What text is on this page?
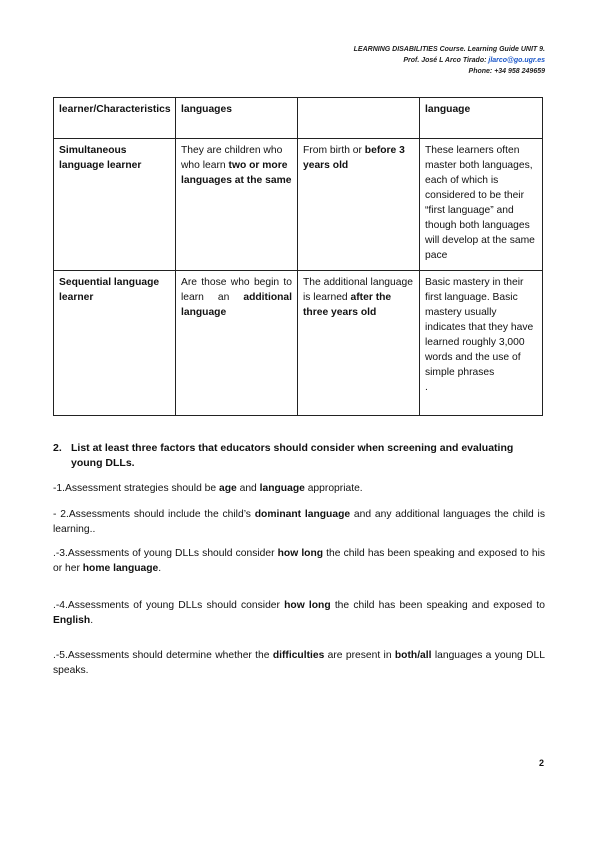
LEARNING DISABILITIES Course. Learning Guide UNIT 9.
Prof. José L Arco Tirado: jlarco@go.ugr.es
Phone: +34 958 249659
learner/Characteristics	languages		language
Simultaneous language learner	They are children who who learn two or more languages at the same	From birth or before 3 years old	These learners often master both languages, each of which is considered to be their “first language” and though both languages will develop at the same pace
Sequential language learner	Are those who begin to learn an additional language	The additional language is learned after the three years old	Basic mastery in their first language. Basic mastery usually indicates that they have learned roughly 3,000 words and the use of simple phrases
.
2. List at least three factors that educators should consider when screening and evaluating young DLLs.
-1.Assessment strategies should be age and language appropriate.
- 2.Assessments should include the child’s dominant language and any additional languages the child is learning..
.-3.Assessments of young DLLs should consider how long the child has been speaking and exposed to his or her home language.
.-4.Assessments of young DLLs should consider how long the child has been speaking and exposed to English.
.-5.Assessments should determine whether the difficulties are present in both/all languages a young DLL speaks.
2
